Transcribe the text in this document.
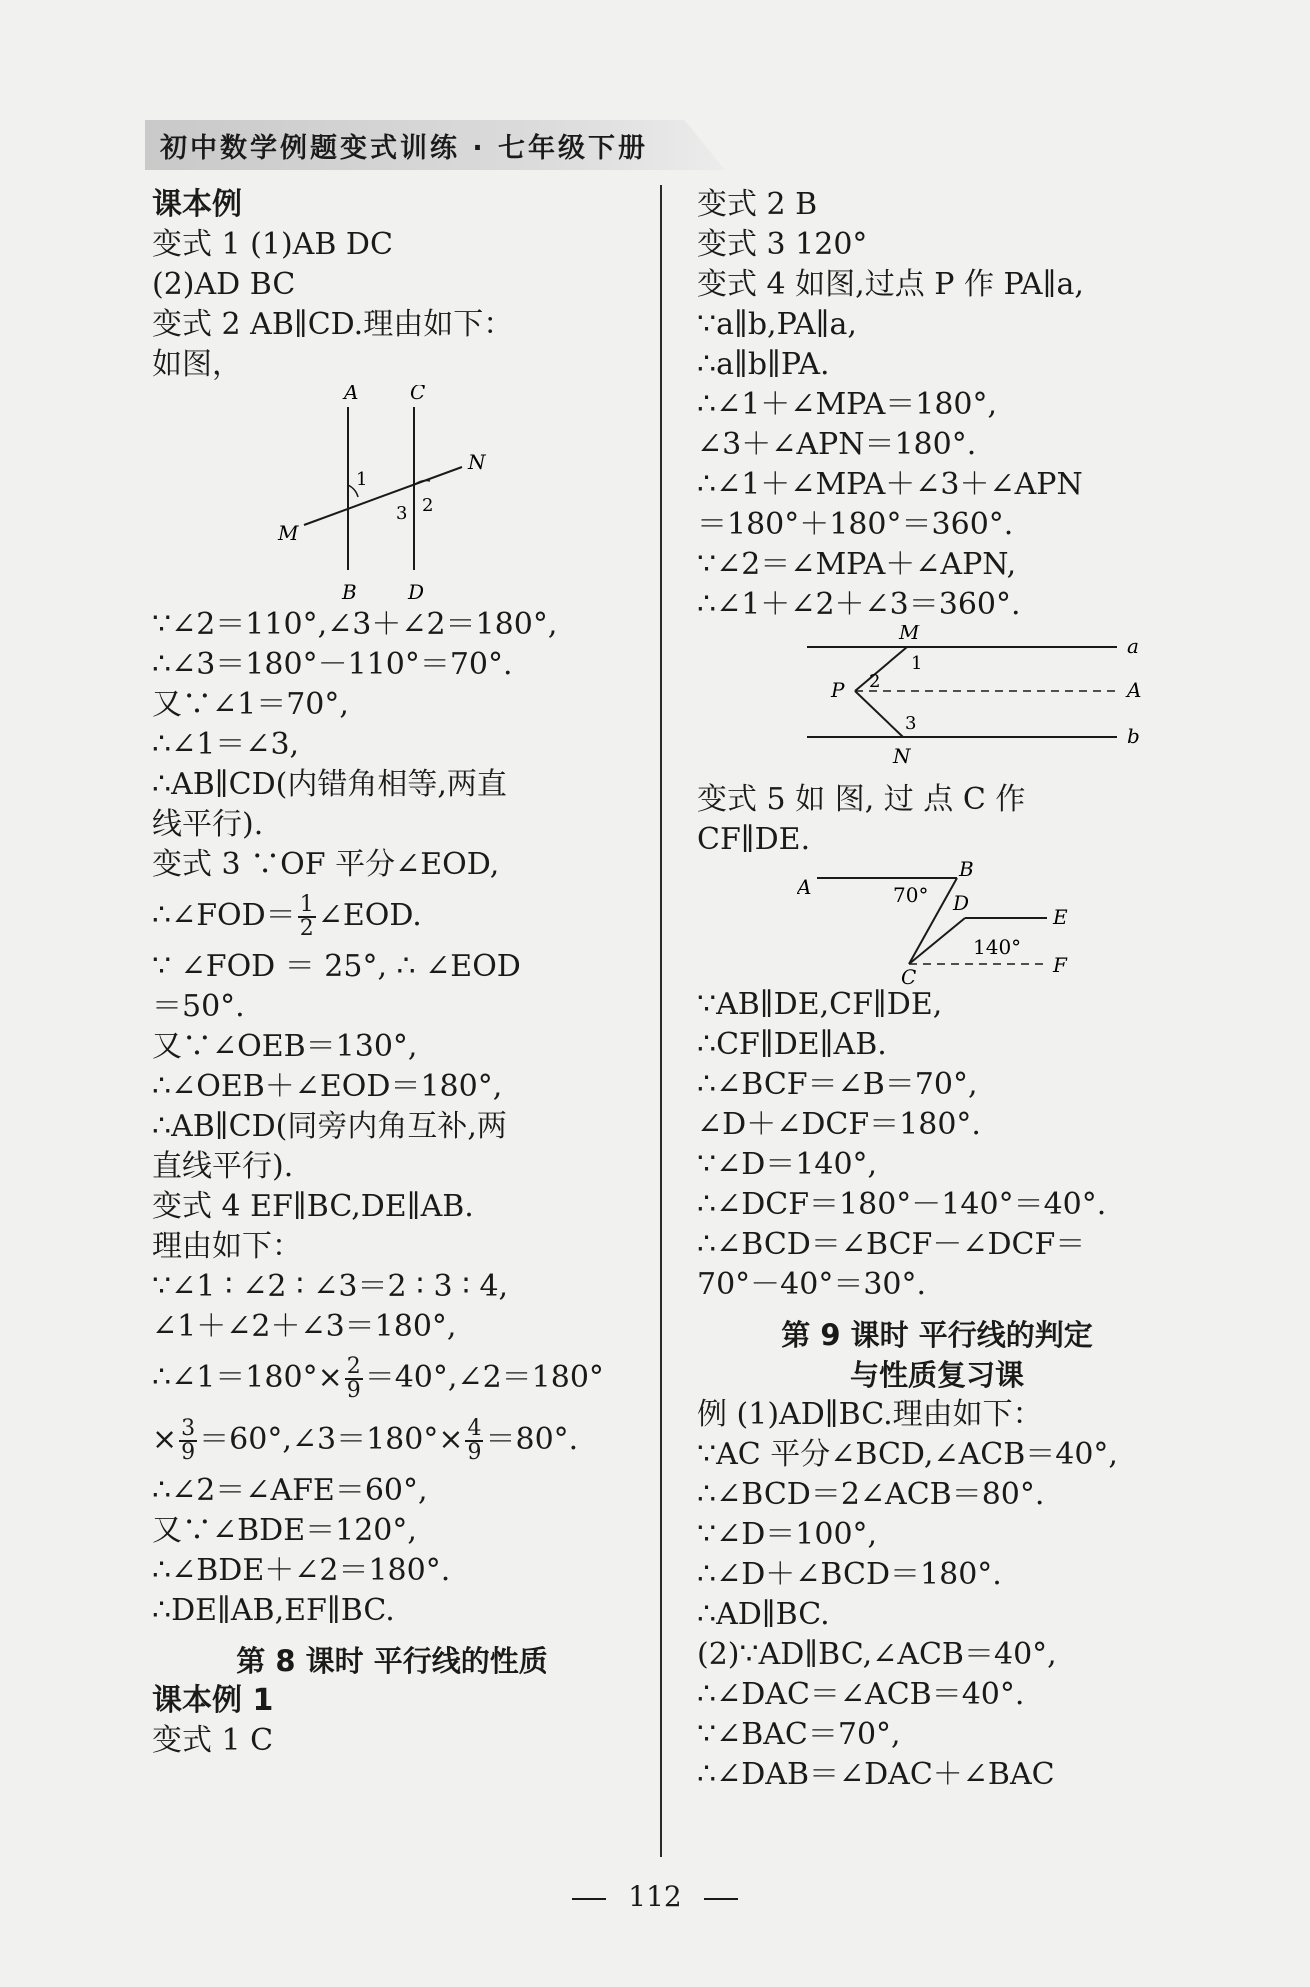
初中数学例题变式训练 · 七年级下册
课本例
变式 1 (1)AB DC
(2)AD BC
变式 2 AB∥CD.理由如下：
如图，
A	C
N
1
3 2
M
B	D
∵∠2＝110°,∠3＋∠2＝180°,
∴∠3＝180°－110°＝70°.
又∵∠1＝70°,
∴∠1＝∠3,
∴AB∥CD(内错角相等,两直
线平行).
变式 3 ∵OF 平分∠EOD,
∴∠FOD＝ $\frac{1}{2}$ ∠EOD.
∵ ∠FOD ＝ 25°, ∴ ∠EOD
＝50°.
又∵∠OEB＝130°,
∴∠OEB＋∠EOD＝180°,
∴AB∥CD(同旁内角互补,两
直线平行).
变式 4 EF∥BC,DE∥AB.
理由如下：
∵∠1 ∶ ∠2 ∶ ∠3＝2 ∶ 3 ∶ 4,
∠1＋∠2＋∠3＝180°,
∴∠1＝180°× $\frac{2}{9}$ ＝40°,∠2＝180°
× $\frac{3}{9}$ ＝60°,∠3＝180°× $\frac{4}{9} =80^\circ$.
∴∠2＝∠AFE＝60°,
又∵∠BDE＝120°,
∴∠BDE＋∠2＝180°.
∴DE∥AB,EF∥BC.
第 8 课时 平行线的性质
课本例 1
变式 1 C
变式 2 B
变式 3 120°
变式 4 如图,过点 P 作 PA∥a,
∵a∥b,PA∥a,
∴a∥b∥PA.
∴∠1＋∠MPA＝180°,
∠3＋∠APN＝180°.
∴∠1＋∠MPA＋∠3＋∠APN
＝180°＋180°＝360°.
∵∠2＝∠MPA＋∠APN,
∴∠1＋∠2＋∠3＝360°.
M
a
1
P 2	A
3
b
N
变式 5 如 图, 过 点 C 作
CF∥DE.
B
A	70° D
E
140°
C	F
∵AB∥DE,CF∥DE,
∴CF∥DE∥AB.
∴∠BCF＝∠B＝70°,
∠D＋∠DCF＝180°.
∵∠D＝140°,
∴∠DCF＝180°－140°＝40°.
∴∠BCD＝∠BCF－∠DCF＝
70°－40°＝30°.
第 9 课时 平行线的判定
与性质复习课
例 (1)AD∥BC.理由如下：
∵AC 平分∠BCD,∠ACB＝40°,
∴∠BCD＝2∠ACB＝80°.
∵∠D＝100°,
∴∠D＋∠BCD＝180°.
∴AD∥BC.
(2)∵AD∥BC,∠ACB＝40°,
∴∠DAC＝∠ACB＝40°.
∵∠BAC＝70°,
∴∠DAB＝∠DAC＋∠BAC
112
